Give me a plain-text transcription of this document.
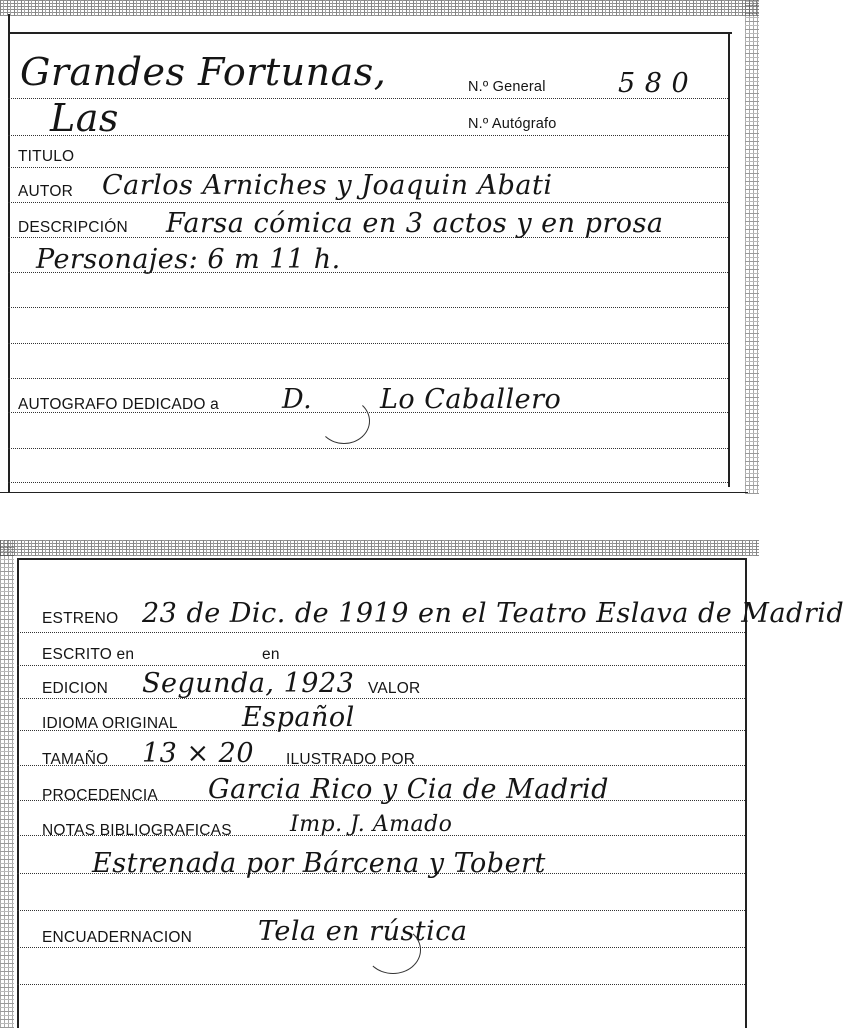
Grandes Fortunas,	N.º General	5 8 0
Las	N.º Autógrafo
TITULO
AUTOR Carlos Arniches y Joaquin Abati
DESCRIPCIÓN Farsa cómica en 3 actos y en prosa
Personajes: 6 m 11 h.
AUTOGRAFO DEDICADO a D.	Lo Caballero
ESTRENO 23 de Dic. de 1919 en el Teatro Eslava de Madrid
ESCRITO en	en
EDICION Segunda, 1923 VALOR
IDIOMA ORIGINAL Español
TAMAÑO 13 × 20 ILUSTRADO POR
PROCEDENCIA Garcia Rico y Cia de Madrid
NOTAS BIBLIOGRAFICAS	Imp. J. Amado
Estrenada por Bárcena y Tobert
ENCUADERNACION Tela en rústica
